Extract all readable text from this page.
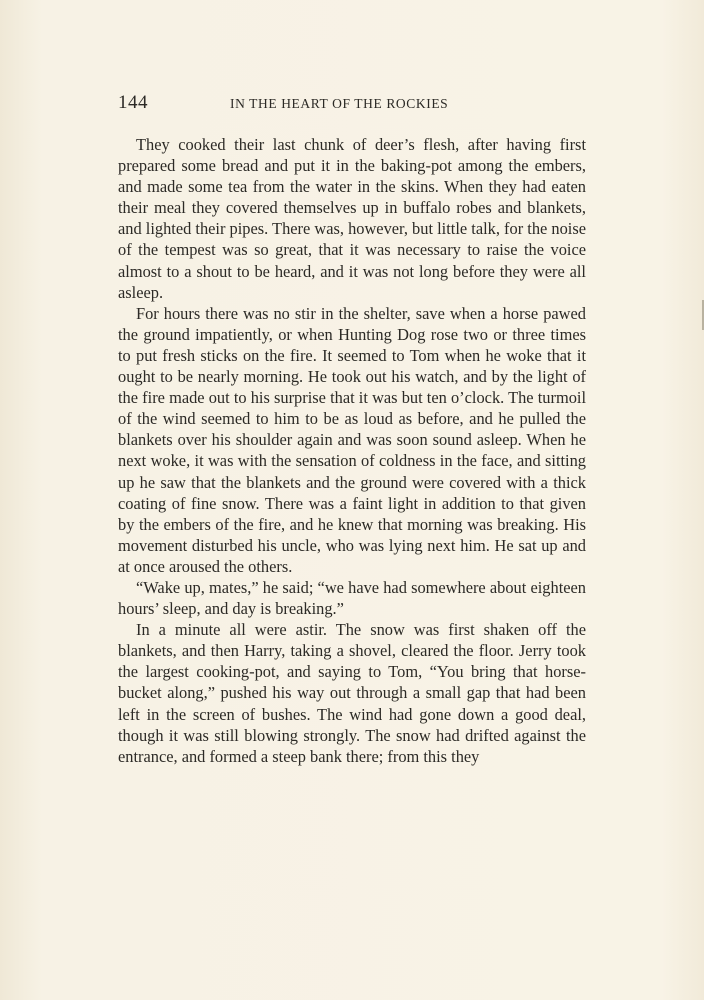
144	IN THE HEART OF THE ROCKIES

They cooked their last chunk of deer’s flesh, after having first prepared some bread and put it in the baking-pot among the embers, and made some tea from the water in the skins. When they had eaten their meal they covered themselves up in buffalo robes and blankets, and lighted their pipes. There was, however, but little talk, for the noise of the tempest was so great, that it was necessary to raise the voice almost to a shout to be heard, and it was not long before they were all asleep.

For hours there was no stir in the shelter, save when a horse pawed the ground impatiently, or when Hunting Dog rose two or three times to put fresh sticks on the fire. It seemed to Tom when he woke that it ought to be nearly morning. He took out his watch, and by the light of the fire made out to his surprise that it was but ten o’clock. The turmoil of the wind seemed to him to be as loud as before, and he pulled the blankets over his shoulder again and was soon sound asleep. When he next woke, it was with the sensation of coldness in the face, and sitting up he saw that the blankets and the ground were covered with a thick coating of fine snow. There was a faint light in addition to that given by the embers of the fire, and he knew that morning was breaking. His movement disturbed his uncle, who was lying next him. He sat up and at once aroused the others.

“Wake up, mates,” he said; “we have had somewhere about eighteen hours’ sleep, and day is breaking.”

In a minute all were astir. The snow was first shaken off the blankets, and then Harry, taking a shovel, cleared the floor. Jerry took the largest cooking-pot, and saying to Tom, “You bring that horse-bucket along,” pushed his way out through a small gap that had been left in the screen of bushes. The wind had gone down a good deal, though it was still blowing strongly. The snow had drifted against the entrance, and formed a steep bank there; from this they
